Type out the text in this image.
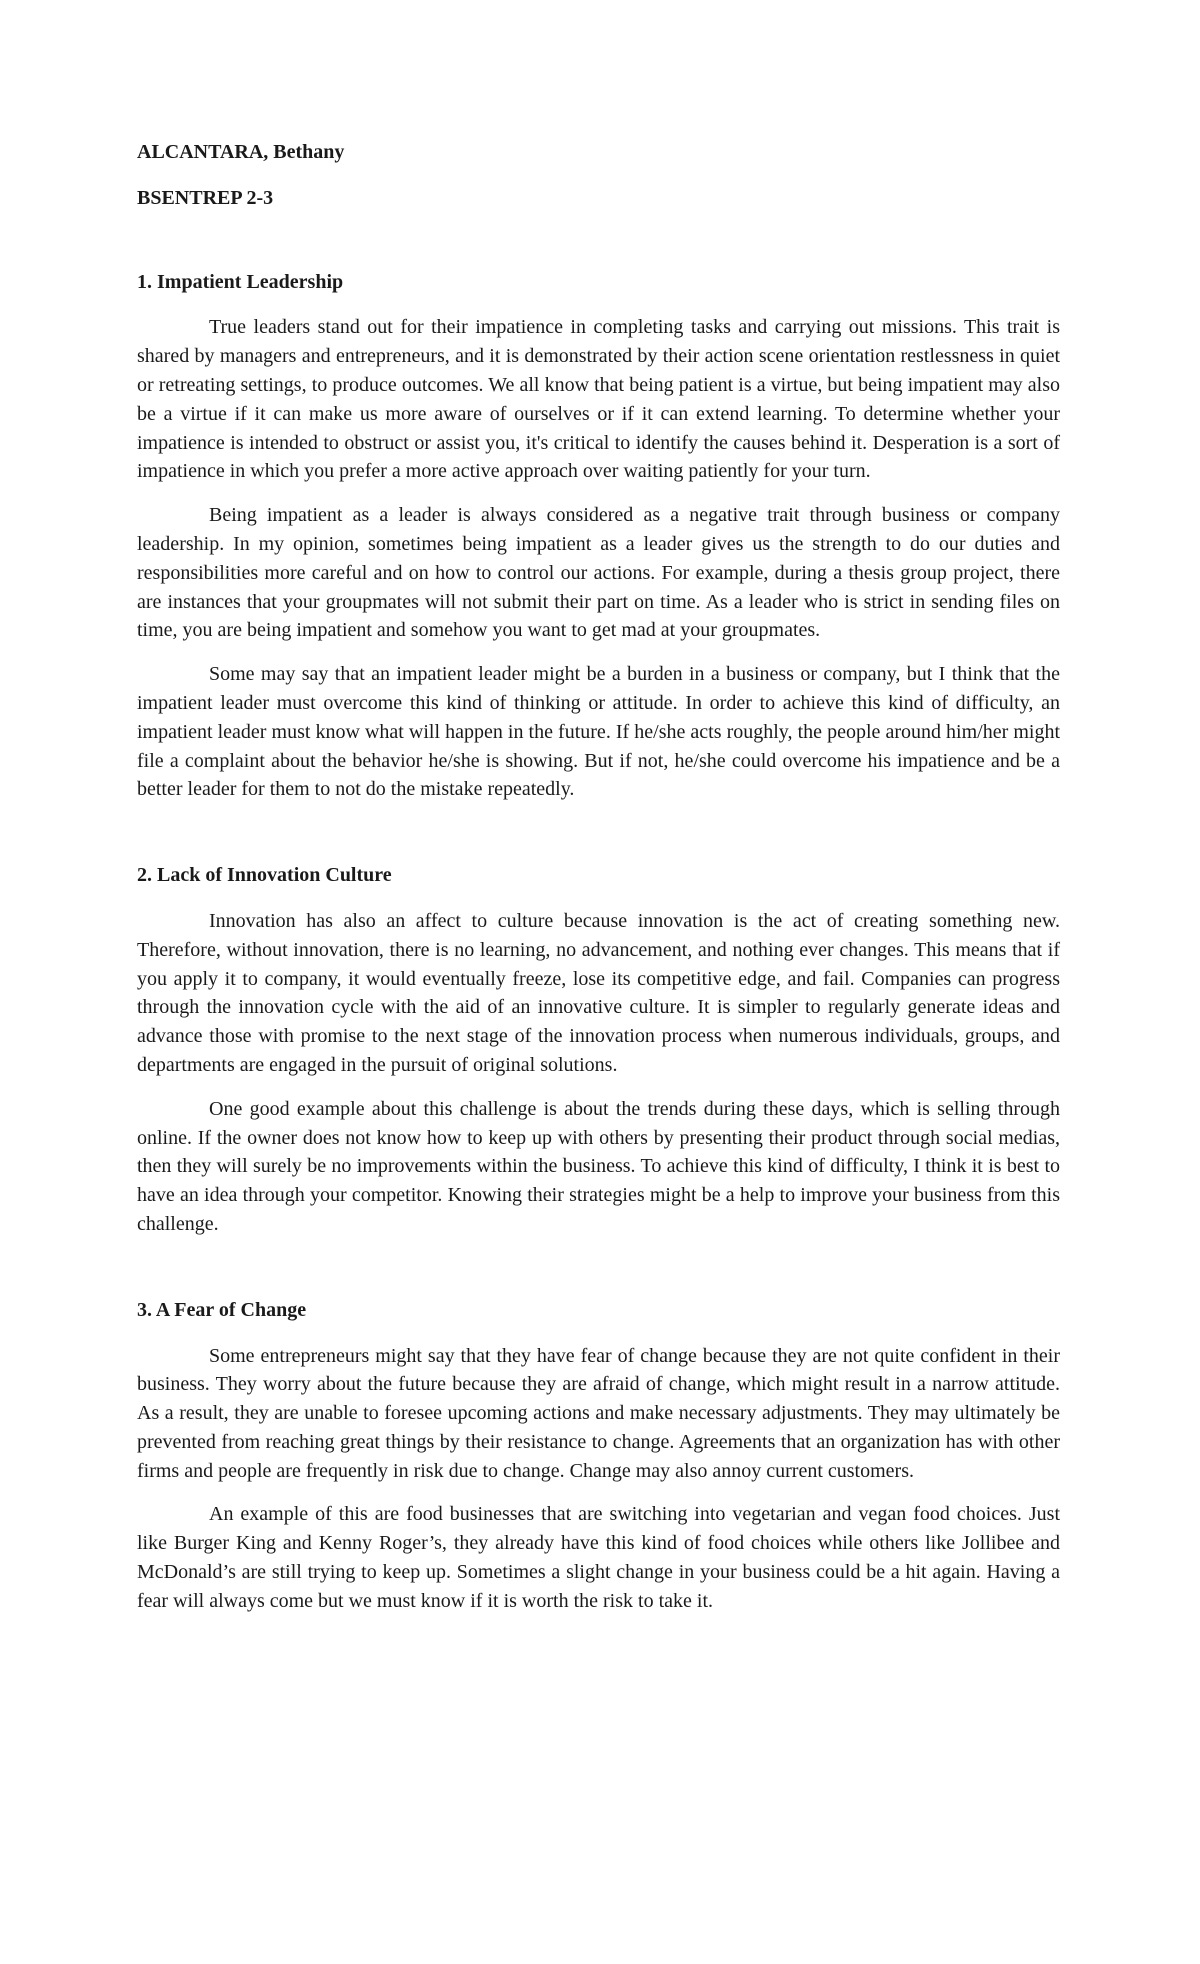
ALCANTARA, Bethany

BSENTREP 2-3

1. Impatient Leadership

True leaders stand out for their impatience in completing tasks and carrying out missions. This trait is shared by managers and entrepreneurs, and it is demonstrated by their action scene orientation restlessness in quiet or retreating settings, to produce outcomes. We all know that being patient is a virtue, but being impatient may also be a virtue if it can make us more aware of ourselves or if it can extend learning. To determine whether your impatience is intended to obstruct or assist you, it's critical to identify the causes behind it. Desperation is a sort of impatience in which you prefer a more active approach over waiting patiently for your turn.

Being impatient as a leader is always considered as a negative trait through business or company leadership. In my opinion, sometimes being impatient as a leader gives us the strength to do our duties and responsibilities more careful and on how to control our actions. For example, during a thesis group project, there are instances that your groupmates will not submit their part on time. As a leader who is strict in sending files on time, you are being impatient and somehow you want to get mad at your groupmates.

Some may say that an impatient leader might be a burden in a business or company, but I think that the impatient leader must overcome this kind of thinking or attitude. In order to achieve this kind of difficulty, an impatient leader must know what will happen in the future. If he/she acts roughly, the people around him/her might file a complaint about the behavior he/she is showing. But if not, he/she could overcome his impatience and be a better leader for them to not do the mistake repeatedly.

2. Lack of Innovation Culture

Innovation has also an affect to culture because innovation is the act of creating something new. Therefore, without innovation, there is no learning, no advancement, and nothing ever changes. This means that if you apply it to company, it would eventually freeze, lose its competitive edge, and fail. Companies can progress through the innovation cycle with the aid of an innovative culture. It is simpler to regularly generate ideas and advance those with promise to the next stage of the innovation process when numerous individuals, groups, and departments are engaged in the pursuit of original solutions.

One good example about this challenge is about the trends during these days, which is selling through online. If the owner does not know how to keep up with others by presenting their product through social medias, then they will surely be no improvements within the business. To achieve this kind of difficulty, I think it is best to have an idea through your competitor. Knowing their strategies might be a help to improve your business from this challenge.

3. A Fear of Change

Some entrepreneurs might say that they have fear of change because they are not quite confident in their business. They worry about the future because they are afraid of change, which might result in a narrow attitude. As a result, they are unable to foresee upcoming actions and make necessary adjustments. They may ultimately be prevented from reaching great things by their resistance to change. Agreements that an organization has with other firms and people are frequently in risk due to change. Change may also annoy current customers.

An example of this are food businesses that are switching into vegetarian and vegan food choices. Just like Burger King and Kenny Roger’s, they already have this kind of food choices while others like Jollibee and McDonald’s are still trying to keep up. Sometimes a slight change in your business could be a hit again. Having a fear will always come but we must know if it is worth the risk to take it.
